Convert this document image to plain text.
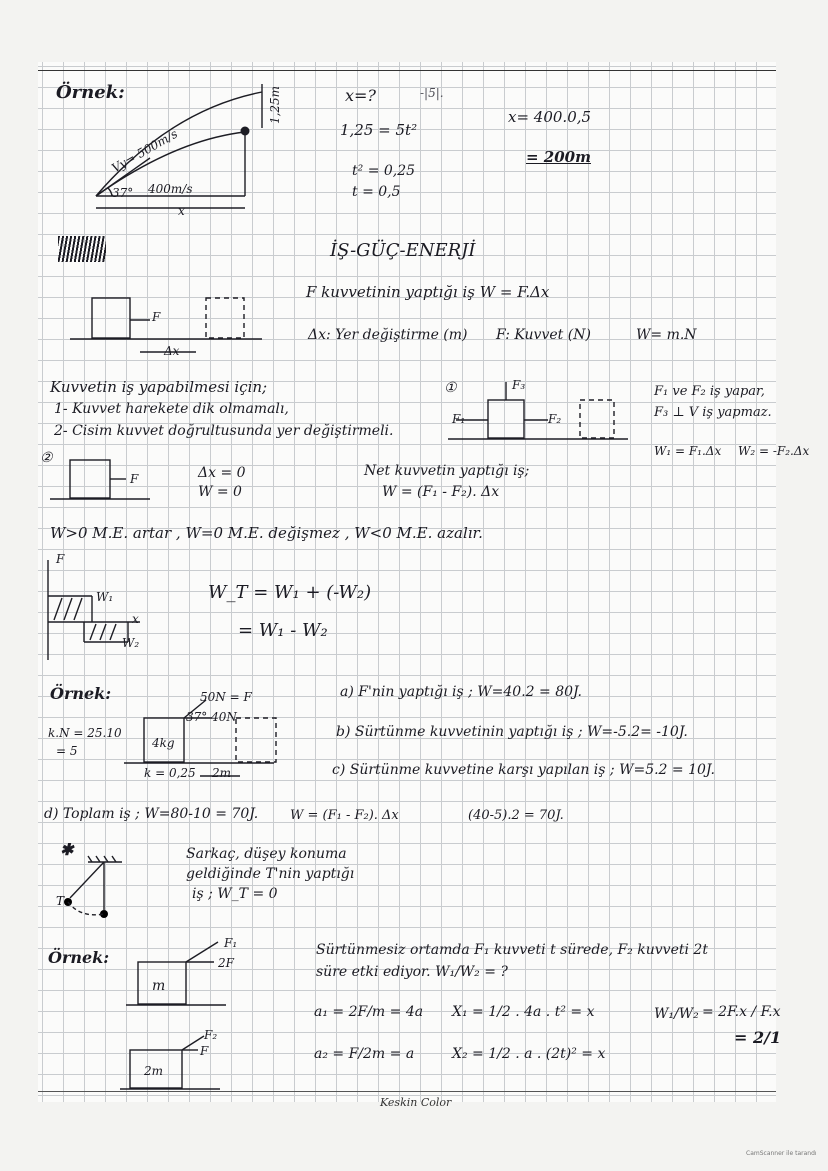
Örnek:
Vy= 500m/s
37° 400m/s
x
1,25m	x=?	-|5|.
1,25 = 5t²
t² = 0,25
t = 0,5
x= 400.0,5
= 200m
İŞ-GÜÇ-ENERJİ
F kuvvetinin yaptığı iş W = F.Δx
Δx: Yer değiştirme (m) F: Kuvvet (N)	W= m.N
F
Δx
Kuvvetin iş yapabilmesi için;
1- Kuvvet harekete dik olmamalı,
2- Cisim kuvvet doğrultusunda yer değiştirmeli.
①
F₁	F₂
F₃	F₁ ve F₂ iş yapar,
F₃ ⊥ V iş yapmaz.
W₁ = F₁.Δx W₂ = -F₂.Δx
②
F	Δx = 0
W = 0
Net kuvvetin yaptığı iş;
W = (F₁ - F₂). Δx
W>0 M.E. artar , W=0 M.E. değişmez , W<0 M.E. azalır.
F
W₁
x
W₂
W_T = W₁ + (-W₂)
= W₁ - W₂
Örnek:
k.N = 25.10
= 5
4kg
50N = F
37° 40N
k = 0,25 2m
a) F'nin yaptığı iş ; W=40.2 = 80J.
b) Sürtünme kuvvetinin yaptığı iş ; W=-5.2= -10J.
c) Sürtünme kuvvetine karşı yapılan iş ; W=5.2 = 10J.
d) Toplam iş ; W=80-10 = 70J. W = (F₁ - F₂). Δx	(40-5).2 = 70J.
✱
T
Sarkaç, düşey konuma
geldiğinde T'nin yaptığı
iş ; W_T = 0
Örnek:	Sürtünmesiz ortamda F₁ kuvveti t sürede, F₂ kuvveti 2t
süre etki ediyor. W₁/W₂ = ?
m
F₁
2F
2m
F₂
F
a₁ = 2F/m = 4a
a₂ = F/2m = a
X₁ = 1/2 . 4a . t² = x
X₂ = 1/2 . a . (2t)² = x
W₁/W₂ = 2F.x / F.x
= 2/1
Keskin Color
CamScanner ile tarandı
